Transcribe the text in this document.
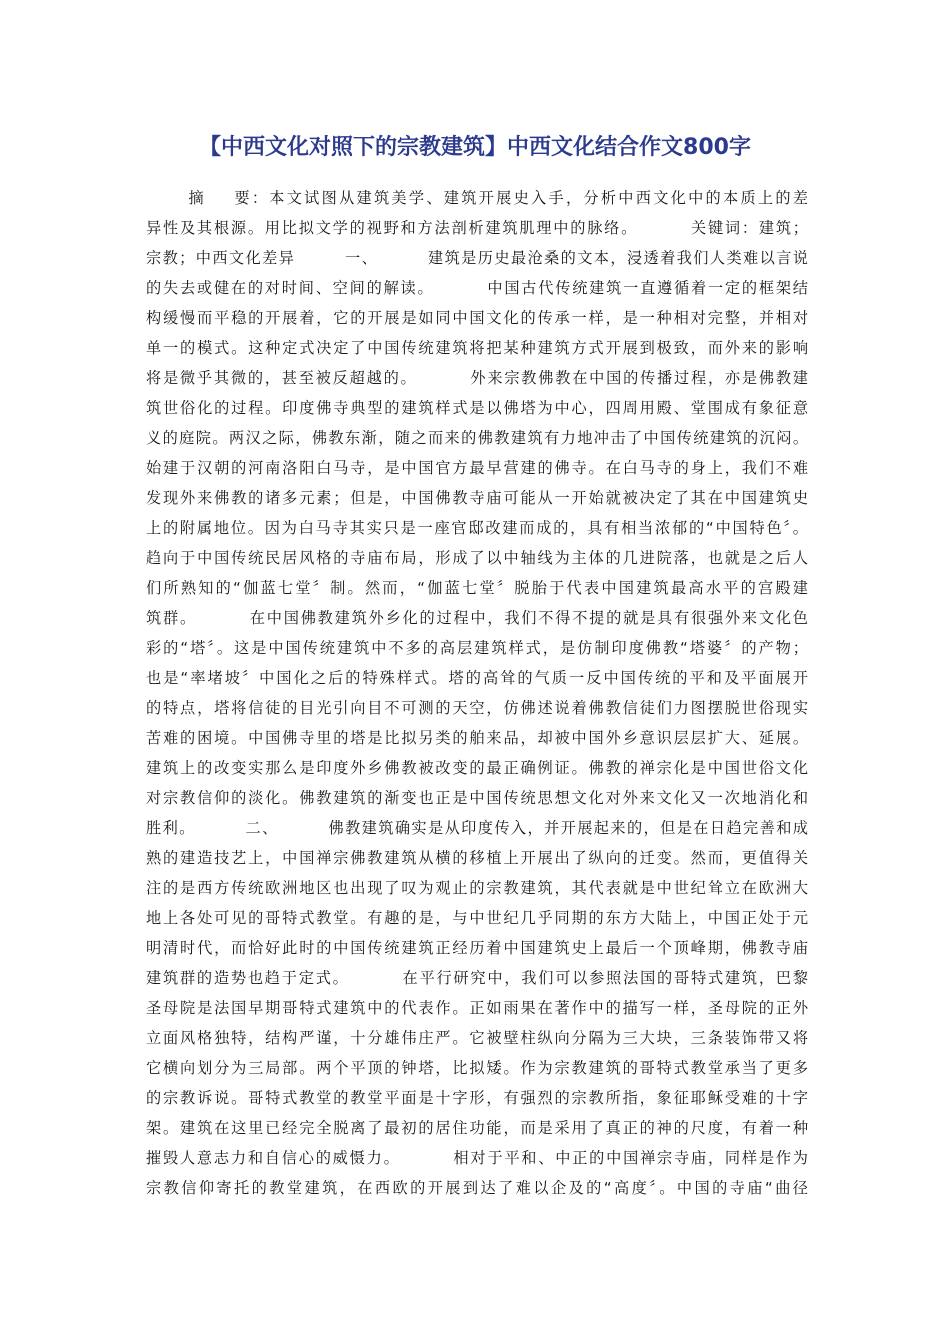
【中西文化对照下的宗教建筑】中西文化结合作文800字
摘    要：本文试图从建筑美学、建筑开展史入手，分析中西文化中的本质上的差
异性及其根源。用比拟文学的视野和方法剖析建筑肌理中的脉络。        关键词：建筑；
宗教；中西文化差异        一、        建筑是历史最沧桑的文本，浸透着我们人类难以言说
的失去或健在的对时间、空间的解读。        中国古代传统建筑一直遵循着一定的框架结
构缓慢而平稳的开展着，它的开展是如同中国文化的传承一样，是一种相对完整，并相对
单一的模式。这种定式决定了中国传统建筑将把某种建筑方式开展到极致，而外来的影响
将是微乎其微的，甚至被反超越的。        外来宗教佛教在中国的传播过程，亦是佛教建
筑世俗化的过程。印度佛寺典型的建筑样式是以佛塔为中心，四周用殿、堂围成有象征意
义的庭院。两汉之际，佛教东渐，随之而来的佛教建筑有力地冲击了中国传统建筑的沉闷。
始建于汉朝的河南洛阳白马寺，是中国官方最早营建的佛寺。在白马寺的身上，我们不难
发现外来佛教的诸多元素；但是，中国佛教寺庙可能从一开始就被决定了其在中国建筑史
上的附属地位。因为白马寺其实只是一座官邸改建而成的，具有相当浓郁的“中国特色〞。
趋向于中国传统民居风格的寺庙布局，形成了以中轴线为主体的几进院落，也就是之后人
们所熟知的“伽蓝七堂〞制。然而，“伽蓝七堂〞脱胎于代表中国建筑最高水平的宫殿建
筑群。        在中国佛教建筑外乡化的过程中，我们不得不提的就是具有很强外来文化色
彩的“塔〞。这是中国传统建筑中不多的高层建筑样式，是仿制印度佛教“塔婆〞的产物；
也是“率堵坡〞中国化之后的特殊样式。塔的高耸的气质一反中国传统的平和及平面展开
的特点，塔将信徒的目光引向目不可测的天空，仿佛述说着佛教信徒们力图摆脱世俗现实
苦难的困境。中国佛寺里的塔是比拟另类的舶来品，却被中国外乡意识层层扩大、延展。
建筑上的改变实那么是印度外乡佛教被改变的最正确例证。佛教的禅宗化是中国世俗文化
对宗教信仰的淡化。佛教建筑的渐变也正是中国传统思想文化对外来文化又一次地消化和
胜利。        二、        佛教建筑确实是从印度传入，并开展起来的，但是在日趋完善和成
熟的建造技艺上，中国禅宗佛教建筑从横的移植上开展出了纵向的迁变。然而，更值得关
注的是西方传统欧洲地区也出现了叹为观止的宗教建筑，其代表就是中世纪耸立在欧洲大
地上各处可见的哥特式教堂。有趣的是，与中世纪几乎同期的东方大陆上，中国正处于元
明清时代，而恰好此时的中国传统建筑正经历着中国建筑史上最后一个顶峰期，佛教寺庙
建筑群的造势也趋于定式。        在平行研究中，我们可以参照法国的哥特式建筑，巴黎
圣母院是法国早期哥特式建筑中的代表作。正如雨果在著作中的描写一样，圣母院的正外
立面风格独特，结构严谨，十分雄伟庄严。它被壁柱纵向分隔为三大块，三条装饰带又将
它横向划分为三局部。两个平顶的钟塔，比拟矮。作为宗教建筑的哥特式教堂承当了更多
的宗教诉说。哥特式教堂的教堂平面是十字形，有强烈的宗教所指，象征耶稣受难的十字
架。建筑在这里已经完全脱离了最初的居住功能，而是采用了真正的神的尺度，有着一种
摧毁人意志力和自信心的威慑力。        相对于平和、中正的中国禅宗寺庙，同样是作为
宗教信仰寄托的教堂建筑，在西欧的开展到达了难以企及的“高度〞。中国的寺庙“曲径
